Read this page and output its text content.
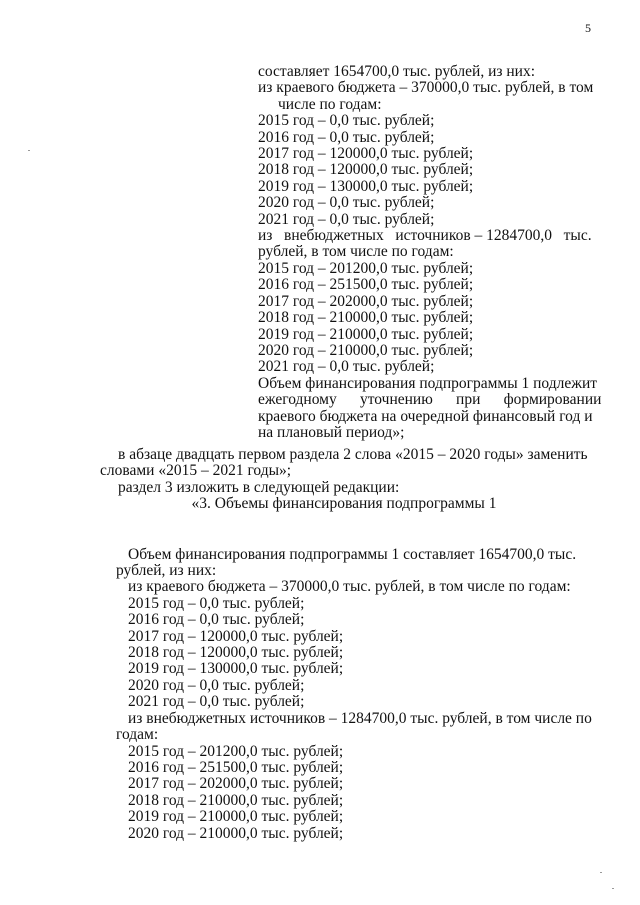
5
составляет 1654700,0 тыс. рублей, из них:
из краевого бюджета – 370000,0 тыс. рублей, в том
числе по годам:
2015 год – 0,0 тыс. рублей;
2016 год – 0,0 тыс. рублей;
2017 год – 120000,0 тыс. рублей;
2018 год – 120000,0 тыс. рублей;
2019 год – 130000,0 тыс. рублей;
2020 год – 0,0 тыс. рублей;
2021 год – 0,0 тыс. рублей;
из   внебюджетных   источников – 1284700,0   тыс.
рублей, в том числе по годам:
2015 год – 201200,0 тыс. рублей;
2016 год – 251500,0 тыс. рублей;
2017 год – 202000,0 тыс. рублей;
2018 год – 210000,0 тыс. рублей;
2019 год – 210000,0 тыс. рублей;
2020 год – 210000,0 тыс. рублей;
2021 год – 0,0 тыс. рублей;
Объем финансирования подпрограммы 1 подлежит
ежегодному      уточнению      при      формировании
краевого бюджета на очередной финансовый год и
на плановый период»;
в абзаце двадцать первом раздела 2 слова «2015 – 2020 годы» заменить
словами «2015 – 2021 годы»;
раздел 3 изложить в следующей редакции:
«3. Объемы финансирования подпрограммы 1
Объем финансирования подпрограммы 1 составляет 1654700,0 тыс.
рублей, из них:
из краевого бюджета – 370000,0 тыс. рублей, в том числе по годам:
2015 год – 0,0 тыс. рублей;
2016 год – 0,0 тыс. рублей;
2017 год – 120000,0 тыс. рублей;
2018 год – 120000,0 тыс. рублей;
2019 год – 130000,0 тыс. рублей;
2020 год – 0,0 тыс. рублей;
2021 год – 0,0 тыс. рублей;
из внебюджетных источников – 1284700,0 тыс. рублей, в том числе по
годам:
2015 год – 201200,0 тыс. рублей;
2016 год – 251500,0 тыс. рублей;
2017 год – 202000,0 тыс. рублей;
2018 год – 210000,0 тыс. рублей;
2019 год – 210000,0 тыс. рублей;
2020 год – 210000,0 тыс. рублей;
